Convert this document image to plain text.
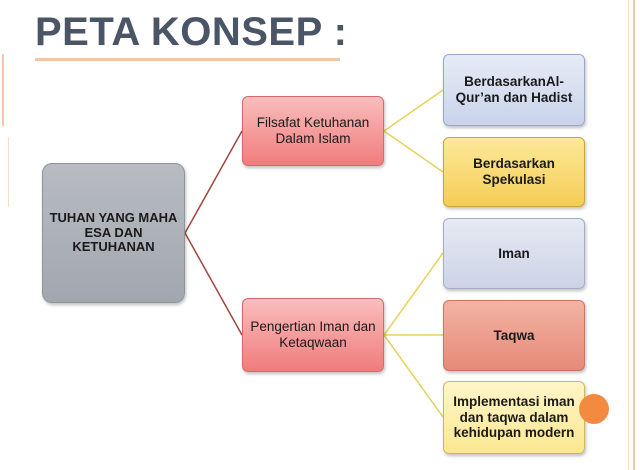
PETA KONSEP :
TUHAN YANG MAHA ESA DAN KETUHANAN
Filsafat Ketuhanan Dalam Islam
Pengertian Iman dan Ketaqwaan
BerdasarkanAl-Qur’an dan Hadist
Berdasarkan Spekulasi
Iman
Taqwa
Implementasi iman dan taqwa dalam kehidupan modern
